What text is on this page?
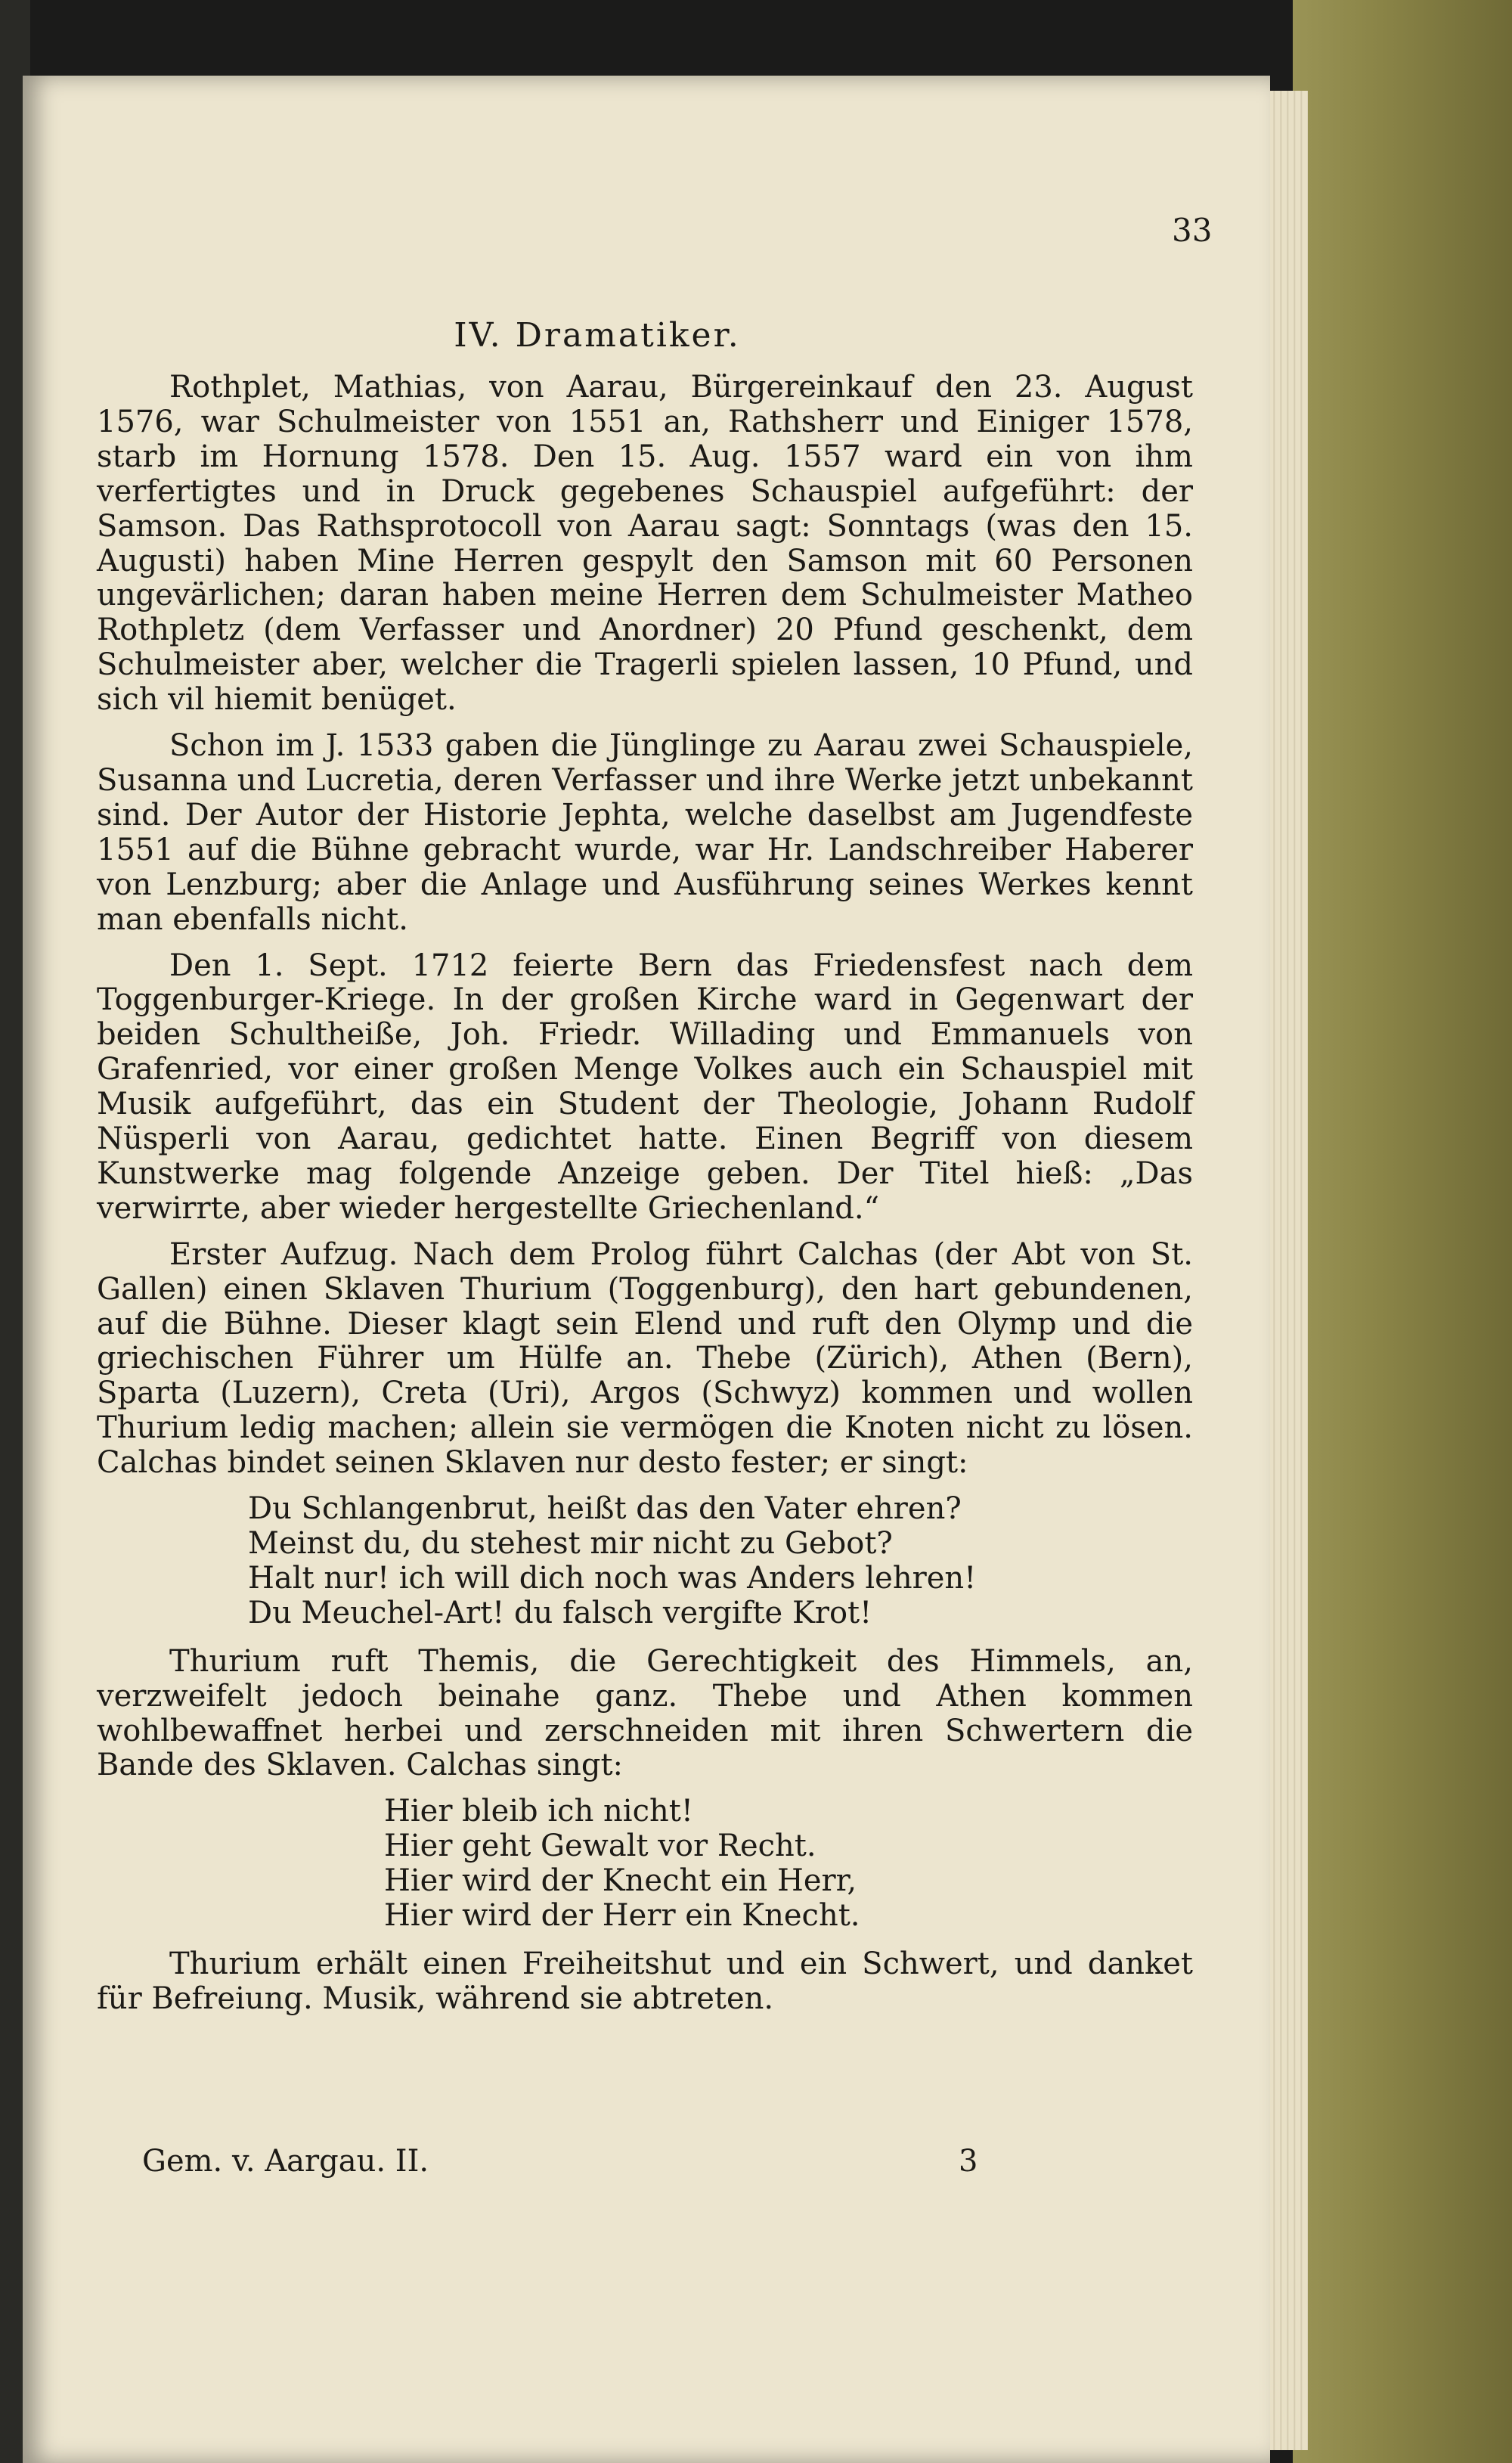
33
IV. Dramatiker.

Rothplet, Mathias, von Aarau, Bürgereinkauf den 23. August 1576, war Schulmeister von 1551 an, Rathsherr und Einiger 1578, starb im Hornung 1578. Den 15. Aug. 1557 ward ein von ihm verfertigtes und in Druck gegebenes Schauspiel aufgeführt: der Samson. Das Rathsprotocoll von Aarau sagt: Sonntags (was den 15. Augusti) haben Mine Herren gespylt den Samson mit 60 Personen ungevärlichen; daran haben meine Herren dem Schulmeister Matheo Rothpletz (dem Verfasser und Anordner) 20 Pfund geschenkt, dem Schulmeister aber, welcher die Tragerli spielen lassen, 10 Pfund, und sich vil hiemit benüget.

Schon im J. 1533 gaben die Jünglinge zu Aarau zwei Schauspiele, Susanna und Lucretia, deren Verfasser und ihre Werke jetzt unbekannt sind. Der Autor der Historie Jephta, welche daselbst am Jugendfeste 1551 auf die Bühne gebracht wurde, war Hr. Landschreiber Haberer von Lenzburg; aber die Anlage und Ausführung seines Werkes kennt man ebenfalls nicht.

Den 1. Sept. 1712 feierte Bern das Friedensfest nach dem Toggenburger-Kriege. In der großen Kirche ward in Gegenwart der beiden Schultheiße, Joh. Friedr. Willading und Emmanuels von Grafenried, vor einer großen Menge Volkes auch ein Schauspiel mit Musik aufgeführt, das ein Student der Theologie, Johann Rudolf Nüsperli von Aarau, gedichtet hatte. Einen Begriff von diesem Kunstwerke mag folgende Anzeige geben. Der Titel hieß: „Das verwirrte, aber wieder hergestellte Griechenland.“

Erster Aufzug. Nach dem Prolog führt Calchas (der Abt von St. Gallen) einen Sklaven Thurium (Toggenburg), den hart gebundenen, auf die Bühne. Dieser klagt sein Elend und ruft den Olymp und die griechischen Führer um Hülfe an. Thebe (Zürich), Athen (Bern), Sparta (Luzern), Creta (Uri), Argos (Schwyz) kommen und wollen Thurium ledig machen; allein sie vermögen die Knoten nicht zu lösen. Calchas bindet seinen Sklaven nur desto fester; er singt:

Du Schlangenbrut, heißt das den Vater ehren?
Meinst du, du stehest mir nicht zu Gebot?
Halt nur! ich will dich noch was Anders lehren!
Du Meuchel-Art! du falsch vergifte Krot!

Thurium ruft Themis, die Gerechtigkeit des Himmels, an, verzweifelt jedoch beinahe ganz. Thebe und Athen kommen wohlbewaffnet herbei und zerschneiden mit ihren Schwertern die Bande des Sklaven. Calchas singt:

Hier bleib ich nicht!
Hier geht Gewalt vor Recht.
Hier wird der Knecht ein Herr,
Hier wird der Herr ein Knecht.

Thurium erhält einen Freiheitshut und ein Schwert, und danket für Befreiung. Musik, während sie abtreten.

Gem. v. Aargau. II.	3
